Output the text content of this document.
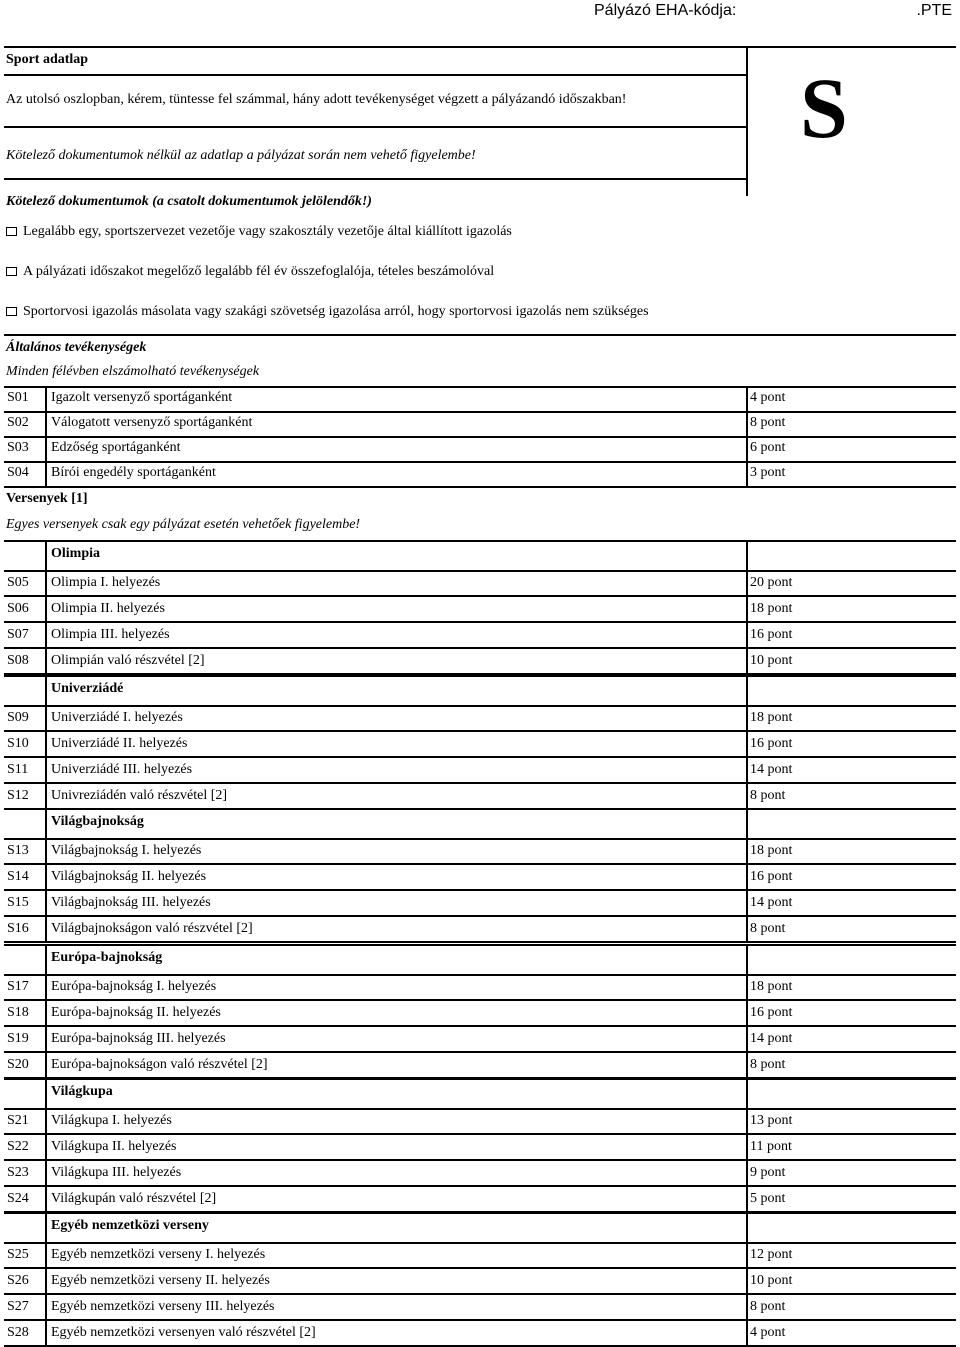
Pályázó EHA-kódja:	.PTE
Sport adatlap
Az utolsó oszlopban, kérem, tüntesse fel számmal, hány adott tevékenységet végzett a pályázandó időszakban!
Kötelező dokumentumok nélkül az adatlap a pályázat során nem vehető figyelembe!
Kötelező dokumentumok (a csatolt dokumentumok jelölendők!)
S
Legalább egy, sportszervezet vezetője vagy szakosztály vezetője által kiállított igazolás
A pályázati időszakot megelőző legalább fél év összefoglalója, tételes beszámolóval
Sportorvosi igazolás másolata vagy szakági szövetség igazolása arról, hogy sportorvosi igazolás nem szükséges
Általános tevékenységek
Minden félévben elszámolható tevékenységek
S01 Igazolt versenyző sportáganként	4 pont
S02 Válogatott versenyző sportáganként	8 pont
S03 Edzőség sportáganként	6 pont
S04 Bírói engedély sportáganként	3 pont
Versenyek [1]
Egyes versenyek csak egy pályázat esetén vehetőek figyelembe!
Olimpia
S05 Olimpia I. helyezés	20 pont
S06 Olimpia II. helyezés	18 pont
S07 Olimpia III. helyezés	16 pont
S08 Olimpián való részvétel [2]	10 pont
Univerziádé
S09 Univerziádé I. helyezés	18 pont
S10 Univerziádé II. helyezés	16 pont
S11 Univerziádé III. helyezés	14 pont
S12 Univreziádén való részvétel [2]	8 pont
Világbajnokság
S13 Világbajnokság I. helyezés	18 pont
S14 Világbajnokság II. helyezés	16 pont
S15 Világbajnokság III. helyezés	14 pont
S16 Világbajnokságon való részvétel [2]	8 pont
Európa-bajnokság
S17 Európa-bajnokság I. helyezés	18 pont
S18 Európa-bajnokság II. helyezés	16 pont
S19 Európa-bajnokság III. helyezés	14 pont
S20 Európa-bajnokságon való részvétel [2]	8 pont
Világkupa
S21 Világkupa I. helyezés	13 pont
S22 Világkupa II. helyezés	11 pont
S23 Világkupa III. helyezés	9 pont
S24 Világkupán való részvétel [2]	5 pont
Egyéb nemzetközi verseny
S25 Egyéb nemzetközi verseny I. helyezés	12 pont
S26 Egyéb nemzetközi verseny II. helyezés	10 pont
S27 Egyéb nemzetközi verseny III. helyezés	8 pont
S28 Egyéb nemzetközi versenyen való részvétel [2]	4 pont
